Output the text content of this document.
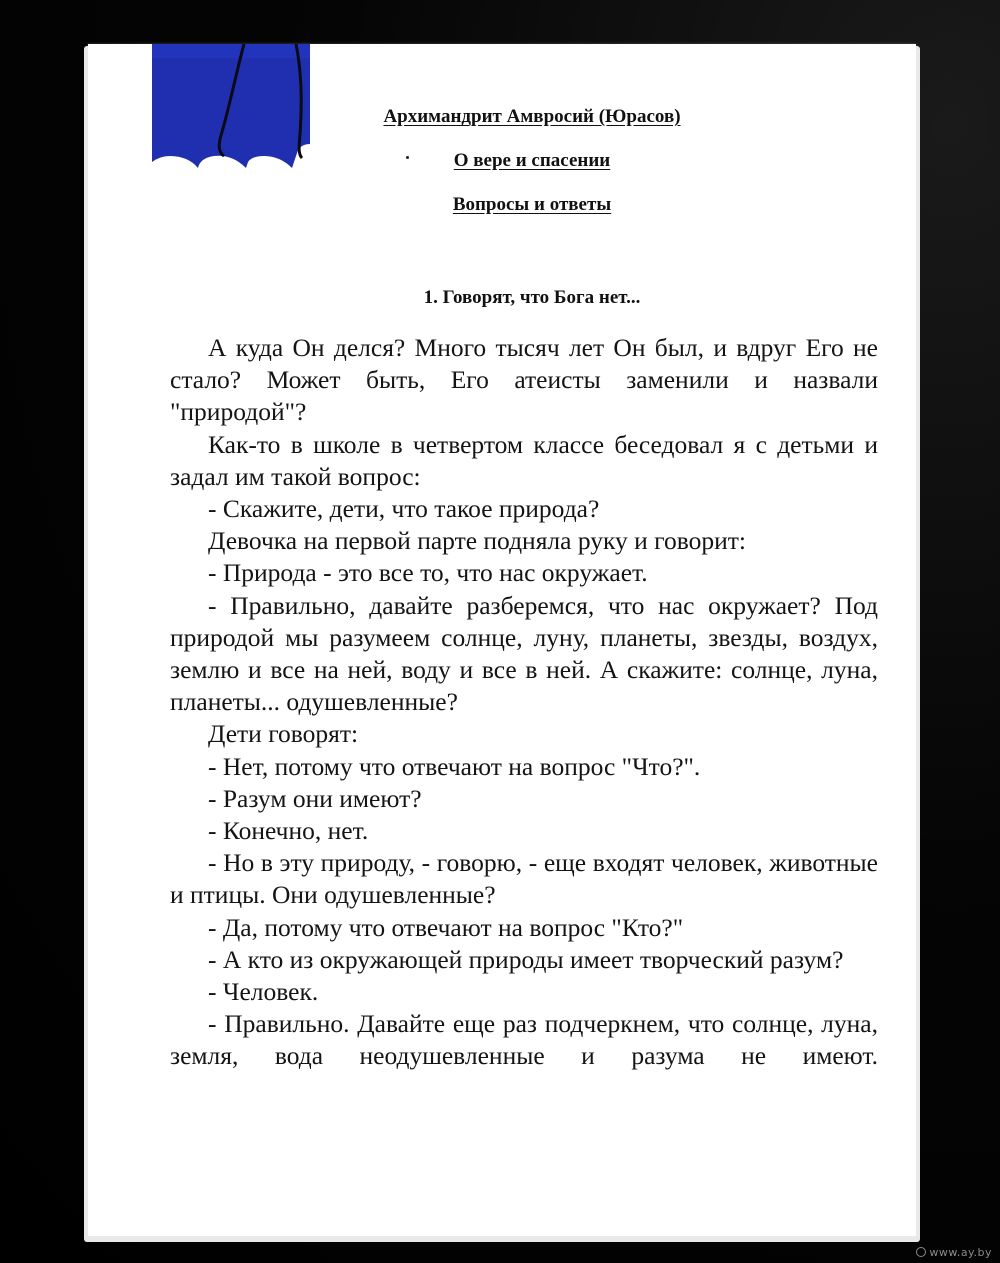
Архимандрит Амвросий (Юрасов)
О вере и спасении
Вопросы и ответы
1. Говорят, что Бога нет...

А куда Он делся? Много тысяч лет Он был, и вдруг Его не стало? Может быть, Его атеисты заменили и назвали "природой"?

Как-то в школе в четвертом классе беседовал я с детьми и задал им такой вопрос:

- Скажите, дети, что такое природа?

Девочка на первой парте подняла руку и говорит:

- Природа - это все то, что нас окружает.

- Правильно, давайте разберемся, что нас окружает? Под природой мы разумеем солнце, луну, планеты, звезды, воздух, землю и все на ней, воду и все в ней. А скажите: солнце, луна, планеты... одушевленные?

Дети говорят:

- Нет, потому что отвечают на вопрос "Что?".

- Разум они имеют?

- Конечно, нет.

- Но в эту природу, - говорю, - еще входят человек, животные и птицы. Они одушевленные?

- Да, потому что отвечают на вопрос "Кто?"

- А кто из окружающей природы имеет творческий разум?

- Человек.

- Правильно. Давайте еще раз подчеркнем, что солнце, луна, земля, вода неодушевленные и разума не имеют.

www.ay.by
